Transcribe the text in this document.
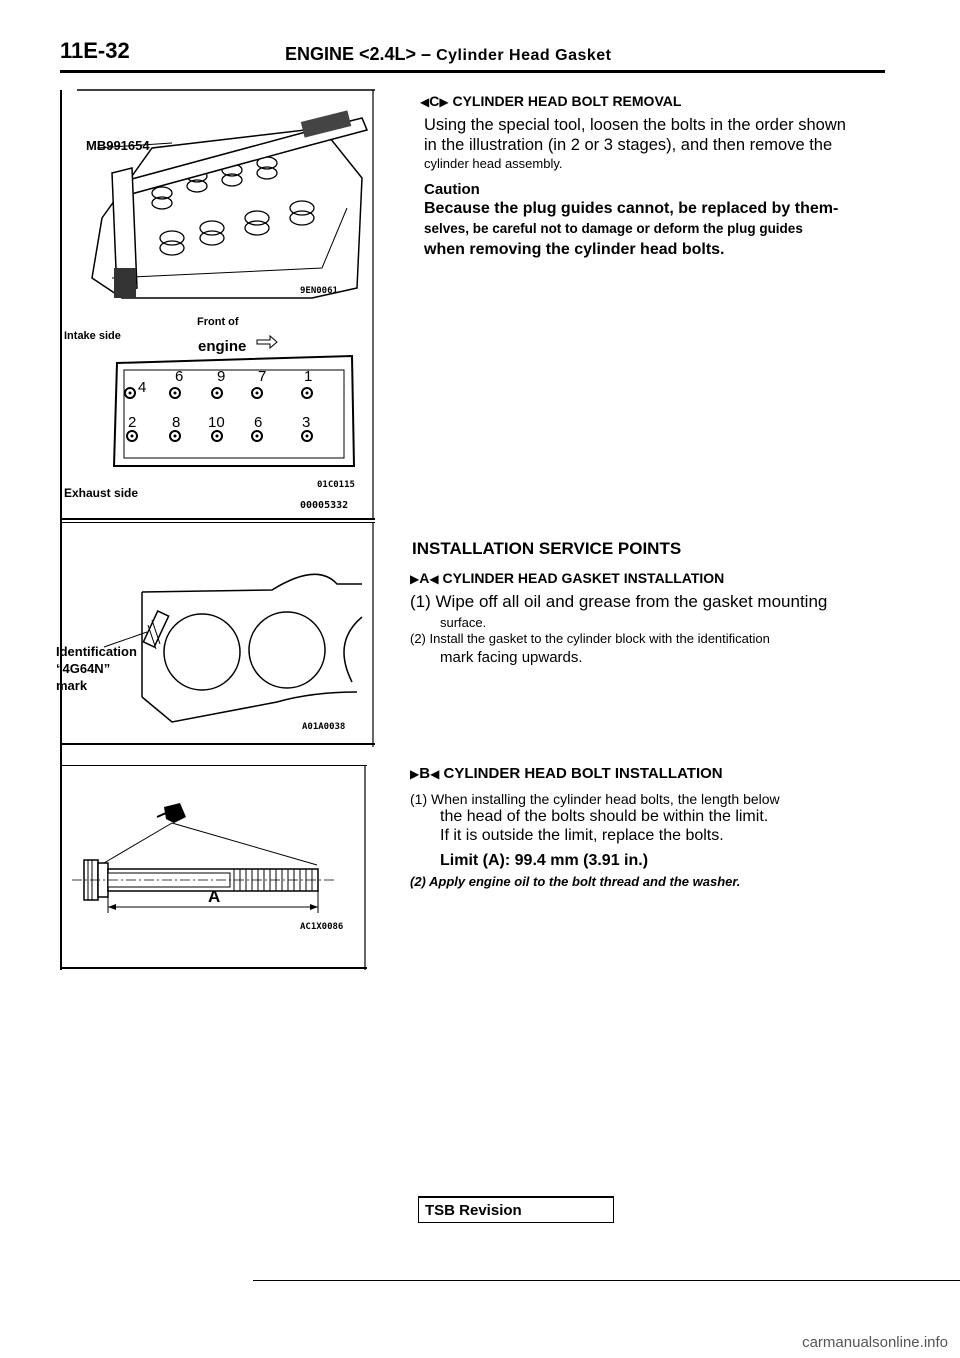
11E-32	ENGINE <2.4L> – Cylinder Head Gasket
MB991654
9EN0061
Intake side
Front of
engine
4
6 9 7	1
2 8 10 6	3
Exhaust side
01C0115
00005332
Identification
“4G64N”
mark
A01A0038
A
AC1X0086
◀C▶ CYLINDER HEAD BOLT REMOVAL
Using the special tool, loosen the bolts in the order shown
in the illustration (in 2 or 3 stages), and then remove the
cylinder head assembly.
Caution
Because the plug guides cannot, be replaced by them-
selves, be careful not to damage or deform the plug guides
when removing the cylinder head bolts.
INSTALLATION SERVICE POINTS
▶A◀ CYLINDER HEAD GASKET INSTALLATION
(1) Wipe off all oil and grease from the gasket mounting
surface.
(2) Install the gasket to the cylinder block with the identification
mark facing upwards.
▶B◀ CYLINDER HEAD BOLT INSTALLATION
(1) When installing the cylinder head bolts, the length below
the head of the bolts should be within the limit.
If it is outside the limit, replace the bolts.
Limit (A): 99.4 mm (3.91 in.)
(2) Apply engine oil to the bolt thread and the washer.
TSB Revision
carmanualsonline.info
